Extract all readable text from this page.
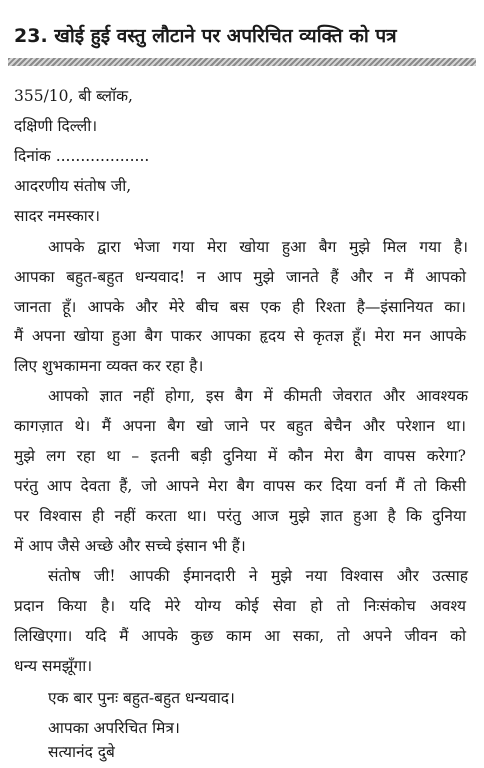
23. खोई हुई वस्तु लौटाने पर अपरिचित व्यक्ति को पत्र
355/10, बी ब्लॉक,
दक्षिणी दिल्ली।
दिनांक ...................
आदरणीय संतोष जी,
सादर नमस्कार।
आपके द्वारा भेजा गया मेरा खोया हुआ बैग मुझे मिल गया है।
आपका बहुत-बहुत धन्यवाद! न आप मुझे जानते हैं और न मैं आपको
जानता हूँ। आपके और मेरे बीच बस एक ही रिश्ता है—इंसानियत का।
मैं अपना खोया हुआ बैग पाकर आपका हृदय से कृतज्ञ हूँ। मेरा मन आपके
लिए शुभकामना व्यक्त कर रहा है।
आपको ज्ञात नहीं होगा, इस बैग में कीमती जेवरात और आवश्यक
कागज़ात थे। मैं अपना बैग खो जाने पर बहुत बेचैन और परेशान था।
मुझे लग रहा था – इतनी बड़ी दुनिया में कौन मेरा बैग वापस करेगा?
परंतु आप देवता हैं, जो आपने मेरा बैग वापस कर दिया वर्ना मैं तो किसी
पर विश्वास ही नहीं करता था। परंतु आज मुझे ज्ञात हुआ है कि दुनिया
में आप जैसे अच्छे और सच्चे इंसान भी हैं।
संतोष जी! आपकी ईमानदारी ने मुझे नया विश्वास और उत्साह
प्रदान किया है। यदि मेरे योग्य कोई सेवा हो तो निःसंकोच अवश्य
लिखिएगा। यदि मैं आपके कुछ काम आ सका, तो अपने जीवन को
धन्य समझूँगा।
एक बार पुनः बहुत-बहुत धन्यवाद।
आपका अपरिचित मित्र।
सत्यानंद दुबे
